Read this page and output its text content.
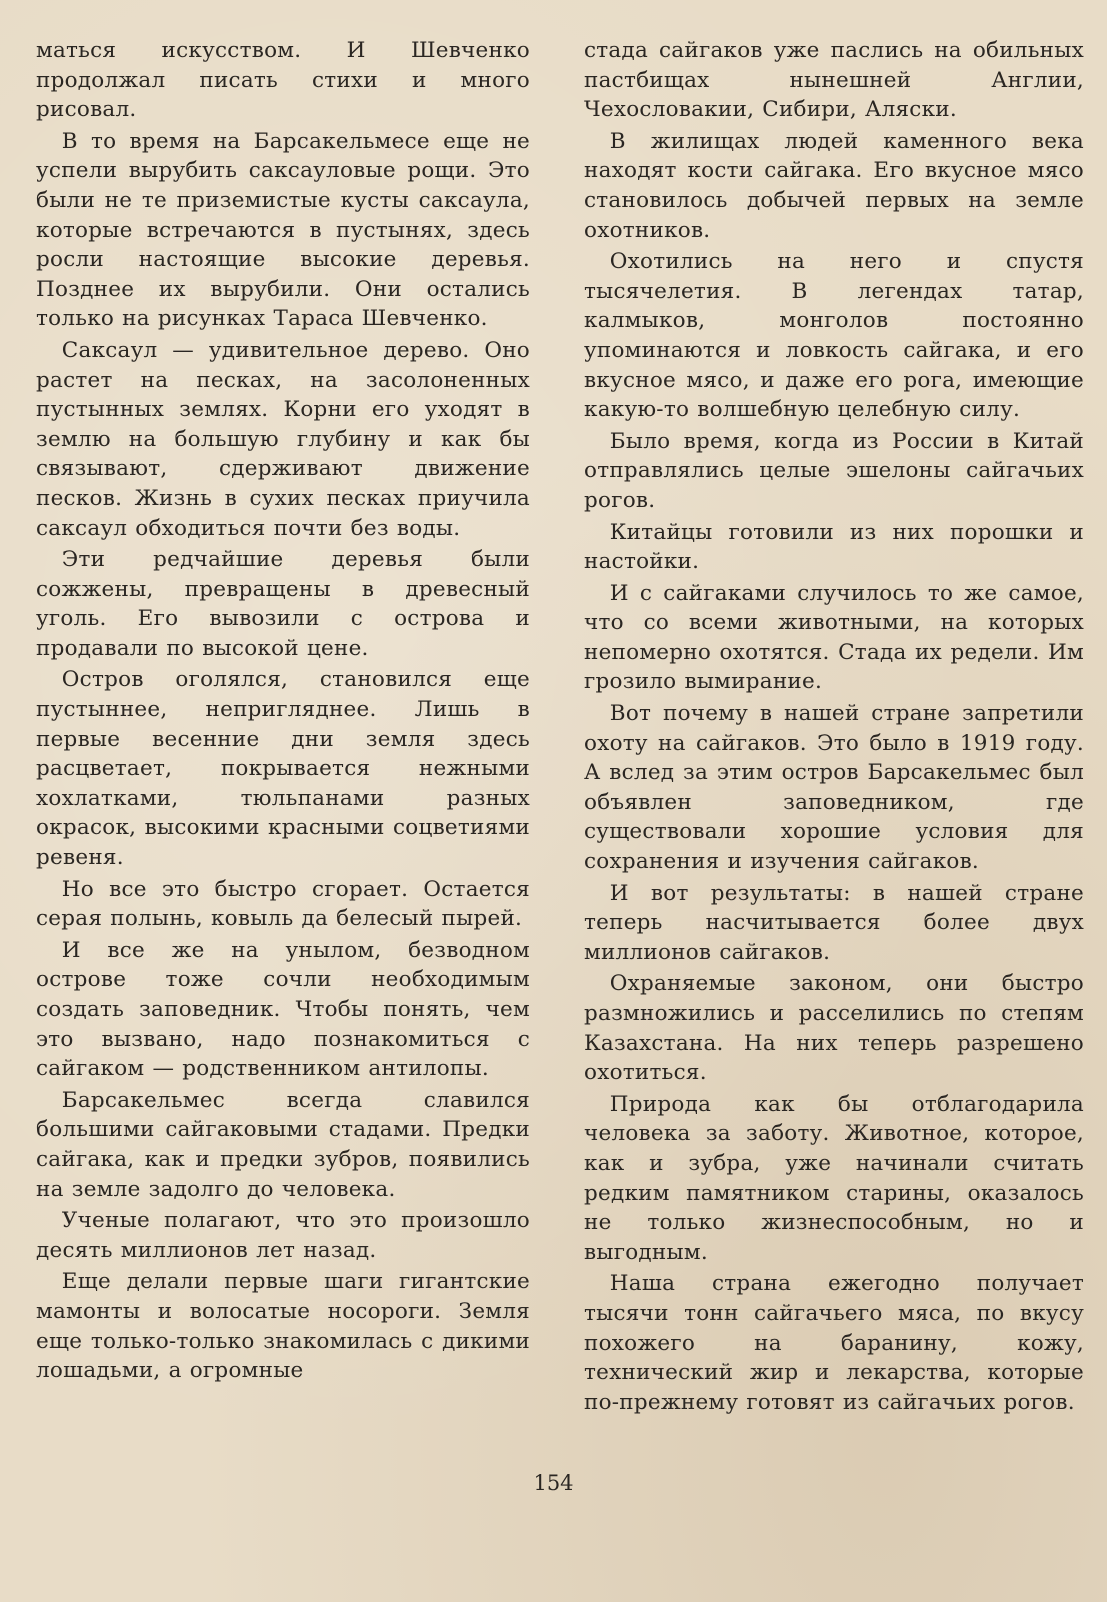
маться искусством. И Шевченко продолжал писать стихи и много рисовал.

В то время на Барсакельмесе еще не успели вырубить саксауловые рощи. Это были не те приземистые кусты саксаула, которые встречаются в пустынях, здесь росли настоящие высокие деревья. Позднее их вырубили. Они остались только на рисунках Тараса Шевченко.

Саксаул — удивительное дерево. Оно растет на песках, на засолоненных пустынных землях. Корни его уходят в землю на большую глубину и как бы связывают, сдерживают движение песков. Жизнь в сухих песках приучила саксаул обходиться почти без воды.

Эти редчайшие деревья были сожжены, превращены в древесный уголь. Его вывозили с острова и продавали по высокой цене.

Остров оголялся, становился еще пустыннее, непригляднее. Лишь в первые весенние дни земля здесь расцветает, покрывается нежными хохлатками, тюльпанами разных окрасок, высокими красными соцветиями ревеня.

Но все это быстро сгорает. Остается серая полынь, ковыль да белесый пырей.

И все же на унылом, безводном острове тоже сочли необходимым создать заповедник. Чтобы понять, чем это вызвано, надо познакомиться с сайгаком — родственником антилопы.

Барсакельмес всегда славился большими сайгаковыми стадами. Предки сайгака, как и предки зубров, появились на земле задолго до человека.

Ученые полагают, что это произошло десять миллионов лет назад.

Еще делали первые шаги гигантские мамонты и волосатые носороги. Земля еще только-только знакомилась с дикими лошадьми, а огромные

стада сайгаков уже паслись на обильных пастбищах нынешней Англии, Чехословакии, Сибири, Аляски.

В жилищах людей каменного века находят кости сайгака. Его вкусное мясо становилось добычей первых на земле охотников.

Охотились на него и спустя тысячелетия. В легендах татар, калмыков, монголов постоянно упоминаются и ловкость сайгака, и его вкусное мясо, и даже его рога, имеющие какую-то волшебную целебную силу.

Было время, когда из России в Китай отправлялись целые эшелоны сайгачьих рогов.

Китайцы готовили из них порошки и настойки.

И с сайгаками случилось то же самое, что со всеми животными, на которых непомерно охотятся. Стада их редели. Им грозило вымирание.

Вот почему в нашей стране запретили охоту на сайгаков. Это было в 1919 году. А вслед за этим остров Барсакельмес был объявлен заповедником, где существовали хорошие условия для сохранения и изучения сайгаков.

И вот результаты: в нашей стране теперь насчитывается более двух миллионов сайгаков.

Охраняемые законом, они быстро размножились и расселились по степям Казахстана. На них теперь разрешено охотиться.

Природа как бы отблагодарила человека за заботу. Животное, которое, как и зубра, уже начинали считать редким памятником старины, оказалось не только жизнеспособным, но и выгодным.

Наша страна ежегодно получает тысячи тонн сайгачьего мяса, по вкусу похожего на баранину, кожу, технический жир и лекарства, которые по-прежнему готовят из сайгачьих рогов.

154
